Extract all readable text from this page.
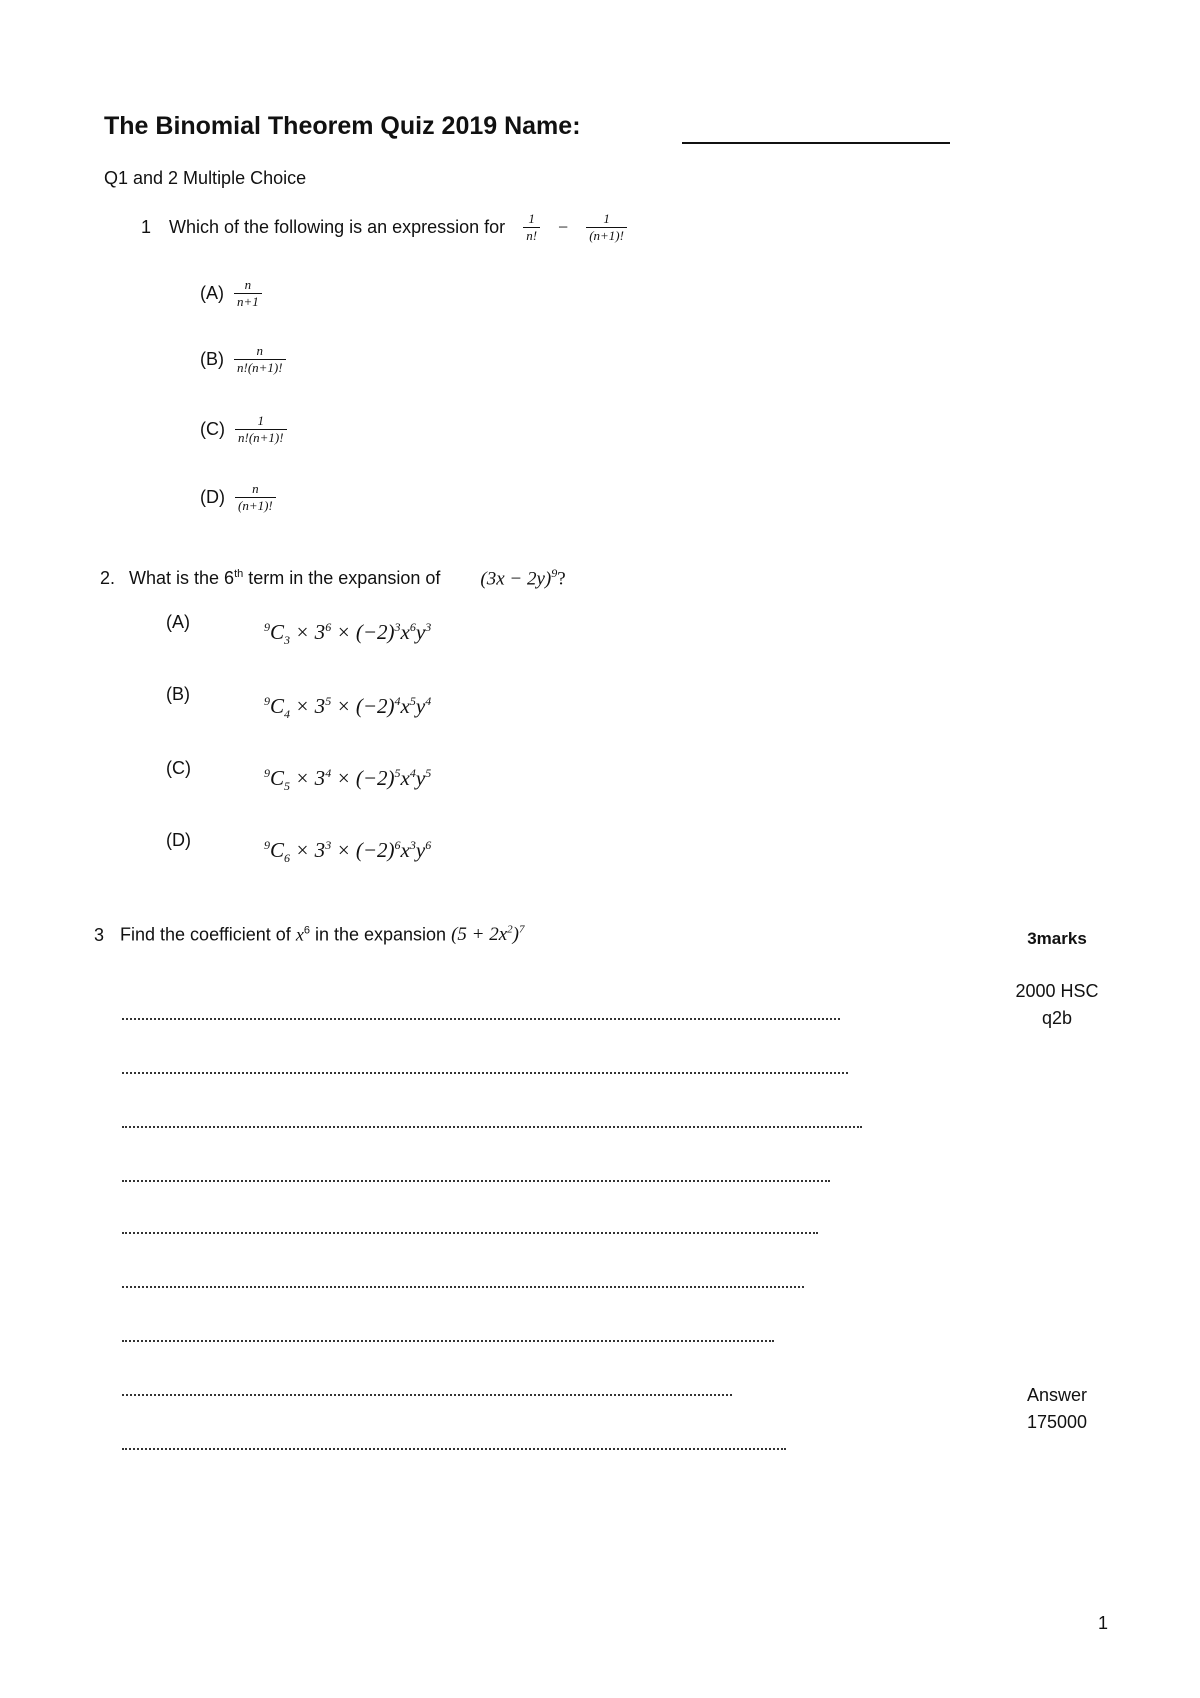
The Binomial Theorem Quiz 2019 Name:
Q1 and 2 Multiple Choice
1 Which of the following is an expression for $\frac{1}{n!} - \frac{1}{(n+1)!}$
$(A) \frac{n}{n+1}$
$(B) \frac{n}{n!(n+1)!}$
$(C) \frac{1}{n!(n+1)!}$
$(D) \frac{n}{(n+1)!}$
2. What is the 6th term in the expansion of $(3x - 2y)^9$?
(A)	$^9C_3 \times 3^6 \times (-2)^3x^6y^3$
(B)	$^9C_4 \times 3^5 \times (-2)^4x^5y^4$
(C)	$^9C_5 \times 3^4 \times (-2)^5x^4y^5$
(D)	$^9C_6 \times 3^3 \times (-2)^6x^3y^6$
3 Find the coefficient of $x^6$ in the expansion $(5 + 2x^2)^7$	3marks
2000 HSC
q2b
Answer
175000
1
